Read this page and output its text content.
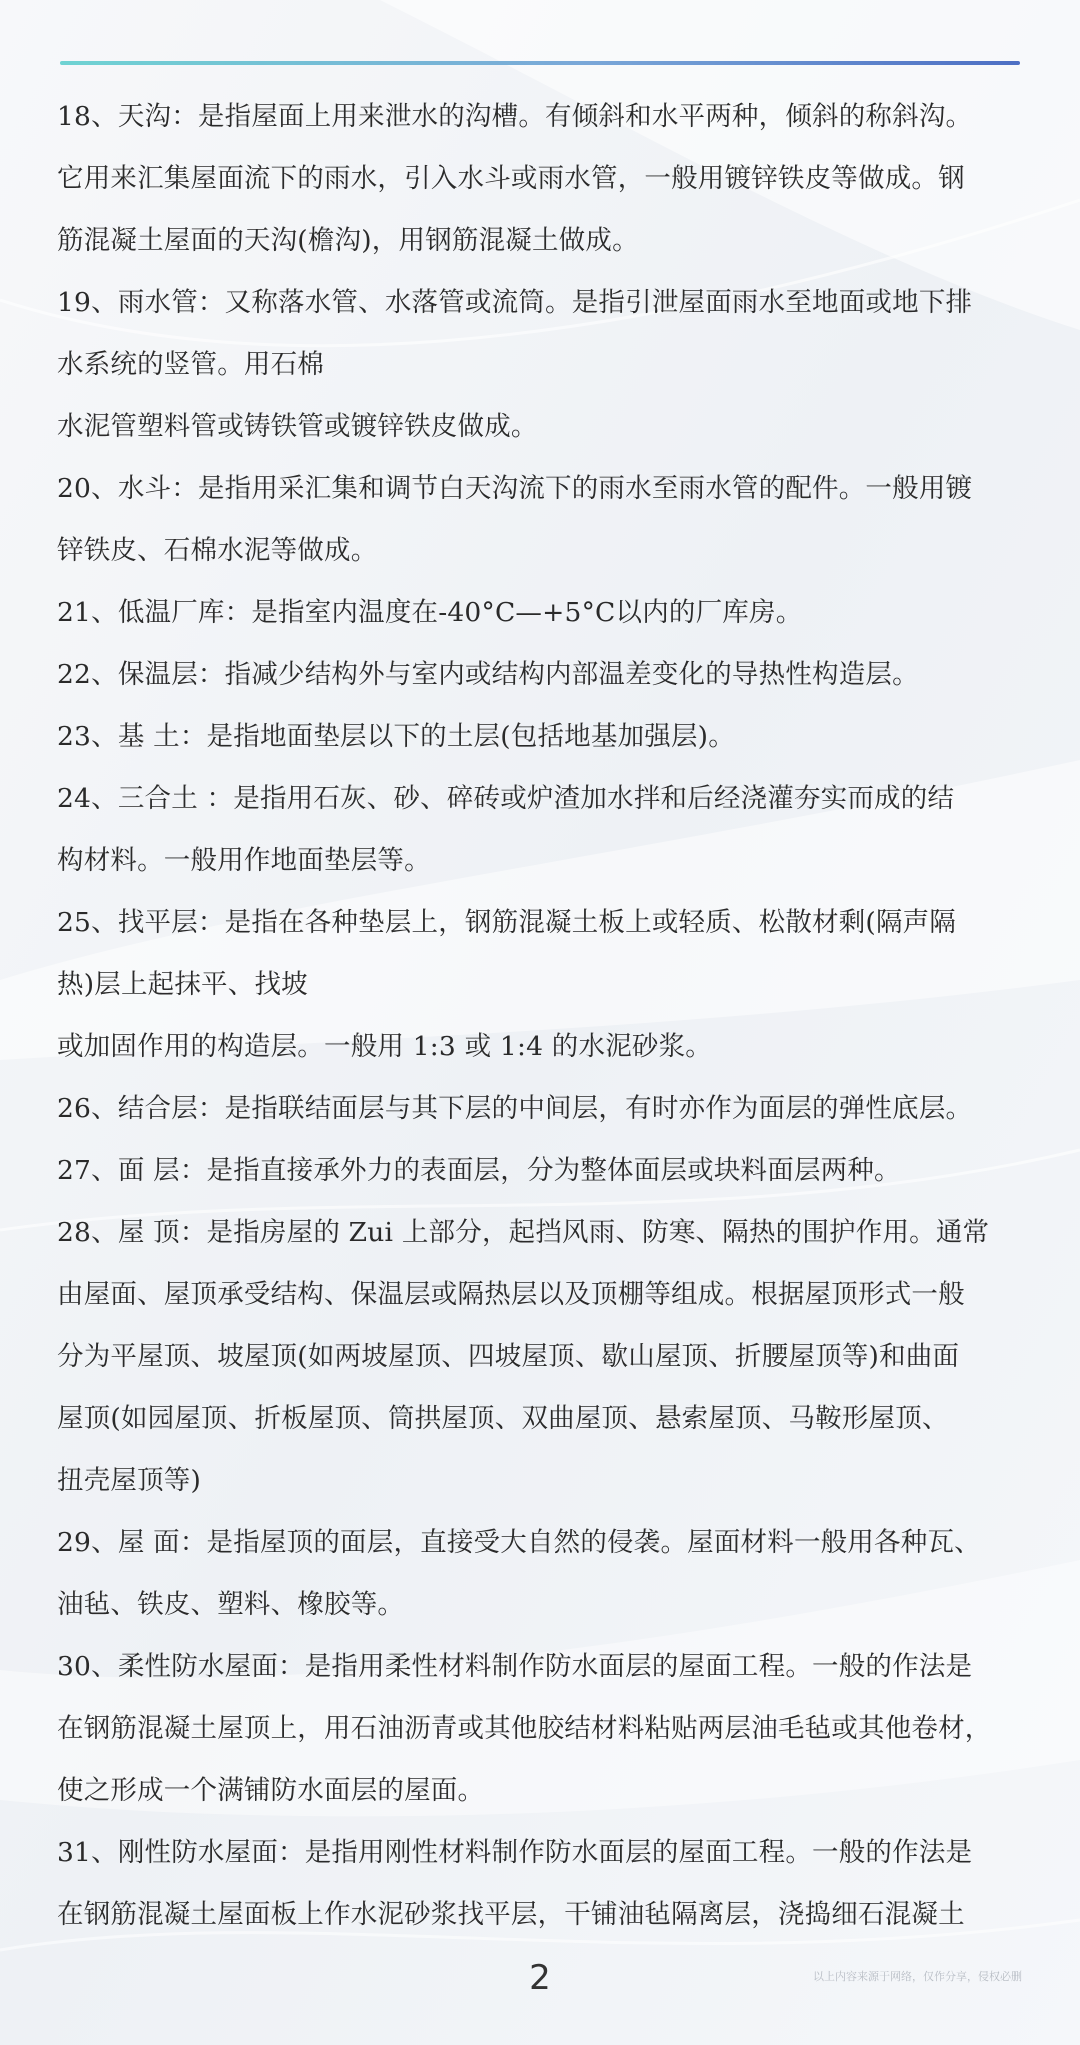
18、天沟：是指屋面上用来泄水的沟槽。有倾斜和水平两种，倾斜的称斜沟。
它用来汇集屋面流下的雨水，引入水斗或雨水管，一般用镀锌铁皮等做成。钢
筋混凝土屋面的天沟(檐沟)，用钢筋混凝土做成。
19、雨水管：又称落水管、水落管或流筒。是指引泄屋面雨水至地面或地下排
水系统的竖管。用石棉
水泥管塑料管或铸铁管或镀锌铁皮做成。
20、水斗：是指用采汇集和调节白天沟流下的雨水至雨水管的配件。一般用镀
锌铁皮、石棉水泥等做成。
21、低温厂库：是指室内温度在-40°C—+5°C以内的厂库房。
22、保温层：指减少结构外与室内或结构内部温差变化的导热性构造层。
23、基 土：是指地面垫层以下的土层(包括地基加强层)。
24、三合土 ：是指用石灰、砂、碎砖或炉渣加水拌和后经浇灌夯实而成的结
构材料。一般用作地面垫层等。
25、找平层：是指在各种垫层上，钢筋混凝土板上或轻质、松散材剩(隔声隔
热)层上起抹平、找坡
或加固作用的构造层。一般用 1:3 或 1:4 的水泥砂浆。
26、结合层：是指联结面层与其下层的中间层，有时亦作为面层的弹性底层。
27、面 层：是指直接承外力的表面层，分为整体面层或块料面层两种。
28、屋 顶：是指房屋的 Zui 上部分，起挡风雨、防寒、隔热的围护作用。通常
由屋面、屋顶承受结构、保温层或隔热层以及顶棚等组成。根据屋顶形式一般
分为平屋顶、坡屋顶(如两坡屋顶、四坡屋顶、歇山屋顶、折腰屋顶等)和曲面
屋顶(如园屋顶、折板屋顶、筒拱屋顶、双曲屋顶、悬索屋顶、马鞍形屋顶、
扭壳屋顶等)
29、屋 面：是指屋顶的面层，直接受大自然的侵袭。屋面材料一般用各种瓦、
油毡、铁皮、塑料、橡胶等。
30、柔性防水屋面：是指用柔性材料制作防水面层的屋面工程。一般的作法是
在钢筋混凝土屋顶上，用石油沥青或其他胶结材料粘贴两层油毛毡或其他卷材，
使之形成一个满铺防水面层的屋面。
31、刚性防水屋面：是指用刚性材料制作防水面层的屋面工程。一般的作法是
在钢筋混凝土屋面板上作水泥砂浆找平层，干铺油毡隔离层，浇捣细石混凝土
2	以上内容来源于网络，仅作分享，侵权必删
